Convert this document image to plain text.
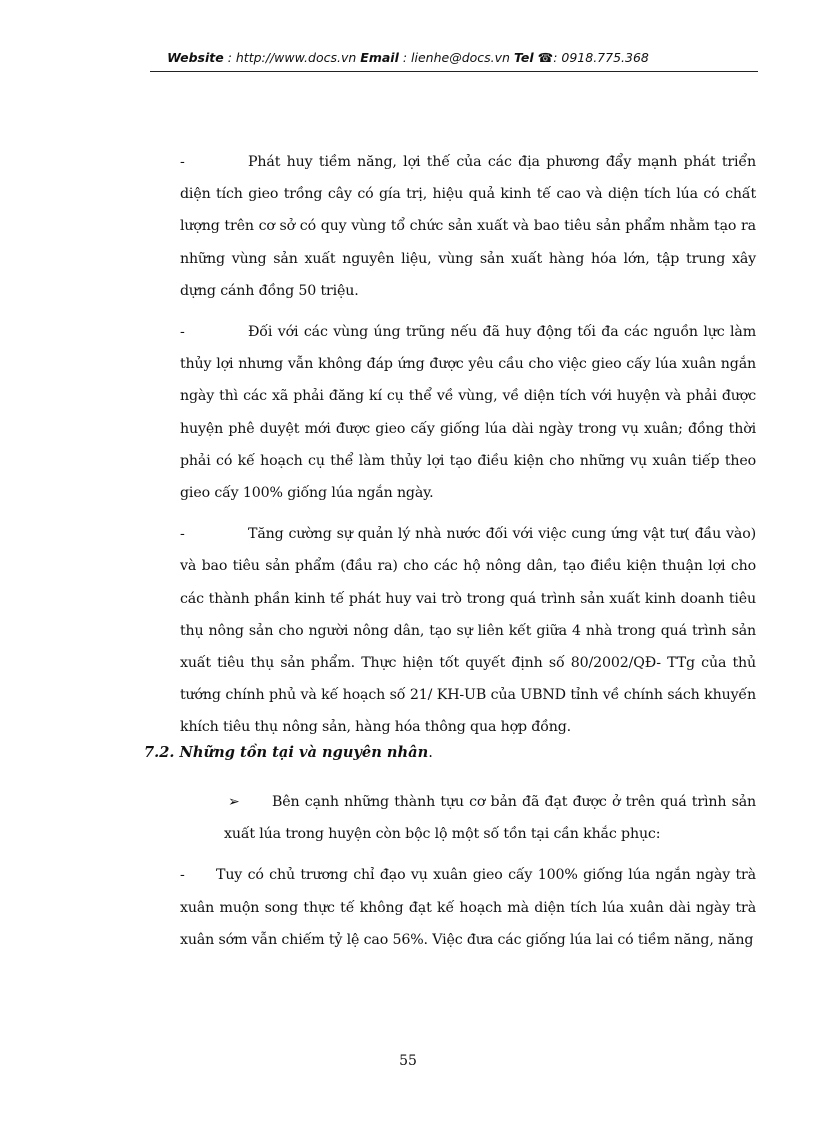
Website : http://www.docs.vn Email : lienhe@docs.vn Tel ☎: 0918.775.368

-	Phát huy tiềm năng, lợi thế của các địa phương đẩy mạnh phát triển diện tích gieo trồng cây có gía trị, hiệu quả kinh tế cao và diện tích lúa có chất lượng trên cơ sở có quy vùng tổ chức sản xuất và bao tiêu sản phẩm nhằm tạo ra những vùng sản xuất nguyên liệu, vùng sản xuất hàng hóa lớn, tập trung xây dựng cánh đồng 50 triệu.

-	Đối với các vùng úng trũng nếu đã huy động tối đa các nguồn lực làm thủy lợi nhưng vẫn không đáp ứng được yêu cầu cho việc gieo cấy lúa xuân ngắn ngày thì các xã phải đăng kí cụ thể về vùng, về diện tích với huyện và phải được huyện phê duyệt mới được gieo cấy giống lúa dài ngày trong vụ xuân; đồng thời phải có kế hoạch cụ thể làm thủy lợi tạo điều kiện cho những vụ xuân tiếp theo gieo cấy 100% giống lúa ngắn ngày.

-	Tăng cường sự quản lý nhà nước đối với việc cung ứng vật tư( đầu vào) và bao tiêu sản phẩm (đầu ra) cho các hộ nông dân, tạo điều kiện thuận lợi cho các thành phần kinh tế phát huy vai trò trong quá trình sản xuất kinh doanh tiêu thụ nông sản cho người nông dân, tạo sự liên kết giữa 4 nhà trong quá trình sản xuất tiêu thụ sản phẩm. Thực hiện tốt quyết định số 80/2002/QĐ- TTg của thủ tướng chính phủ và kế hoạch số 21/ KH-UB của UBND tỉnh về chính sách khuyến khích tiêu thụ nông sản, hàng hóa thông qua hợp đồng.

7.2. Những tồn tại và nguyên nhân.

➢ Bên cạnh những thành tựu cơ bản đã đạt được ở trên quá trình sản xuất lúa trong huyện còn bộc lộ một số tồn tại cần khắc phục:

- Tuy có chủ trương chỉ đạo vụ xuân gieo cấy 100% giống lúa ngắn ngày trà xuân muộn song thực tế không đạt kế hoạch mà diện tích lúa xuân dài ngày trà xuân sớm vẫn chiếm tỷ lệ cao 56%. Việc đưa các giống lúa lai có tiềm năng, năng

55
